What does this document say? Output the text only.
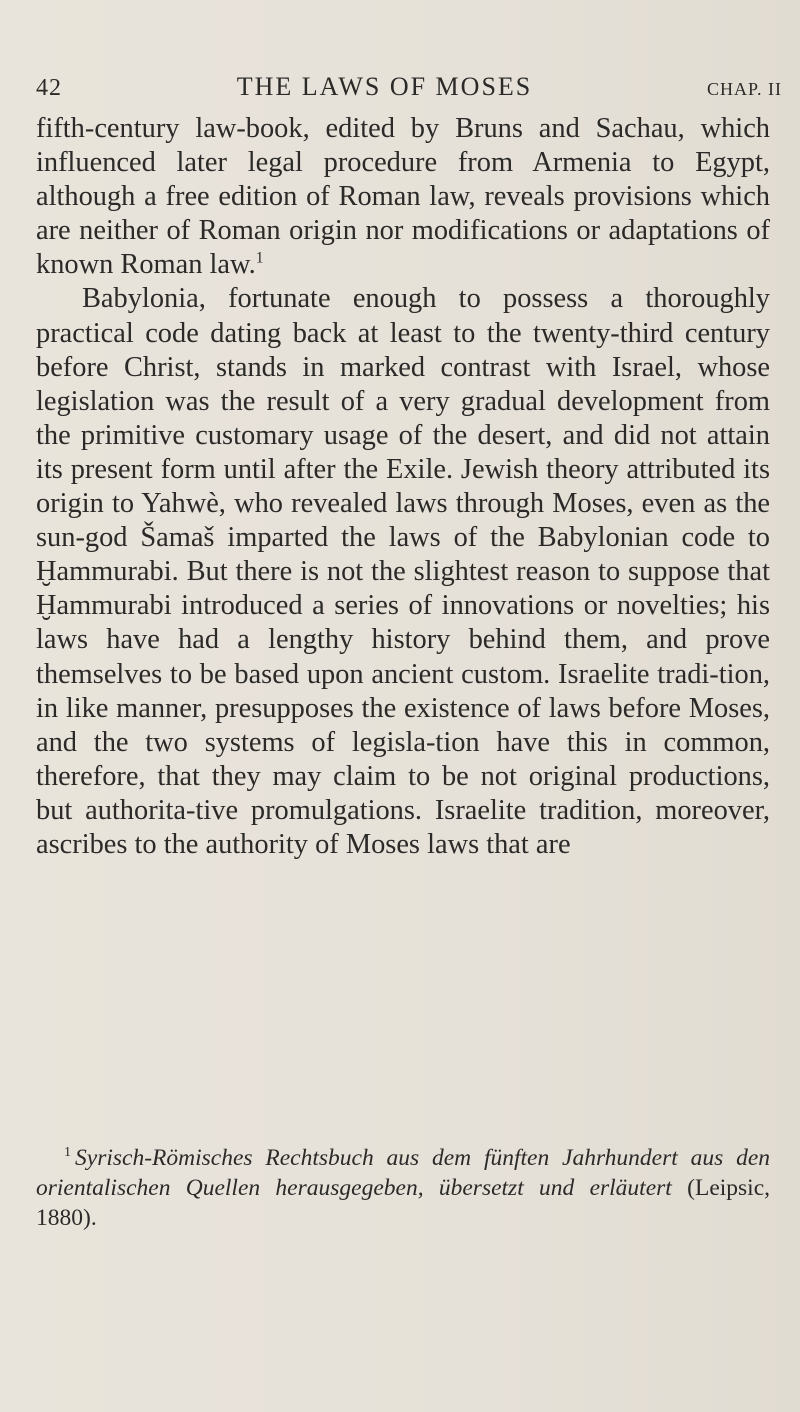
42	THE LAWS OF MOSES	CHAP. II

fifth-century law-book, edited by Bruns and Sachau, which influenced later legal procedure from Armenia to Egypt, although a free edition of Roman law, reveals provisions which are neither of Roman origin nor modifications or adaptations of known Roman law.$^1$

Babylonia, fortunate enough to possess a thoroughly practical code dating back at least to the twenty-third century before Christ, stands in marked contrast with Israel, whose legislation was the result of a very gradual development from the primitive customary usage of the desert, and did not attain its present form until after the Exile. Jewish theory attributed its origin to Yahwè, who revealed laws through Moses, even as the sun-god Šamaš imparted the laws of the Babylonian code to Ḫammurabi. But there is not the slightest reason to suppose that Ḫammurabi introduced a series of innovations or novelties; his laws have had a lengthy history behind them, and prove themselves to be based upon ancient custom. Israelite tradi-tion, in like manner, presupposes the existence of laws before Moses, and the two systems of legisla-tion have this in common, therefore, that they may claim to be not original productions, but authorita-tive promulgations. Israelite tradition, moreover, ascribes to the authority of Moses laws that are

$^1$ Syrisch-Römisches Rechtsbuch aus dem fünften Jahrhundert aus den orientalischen Quellen herausgegeben, übersetzt und erläutert (Leipsic, 1880).
